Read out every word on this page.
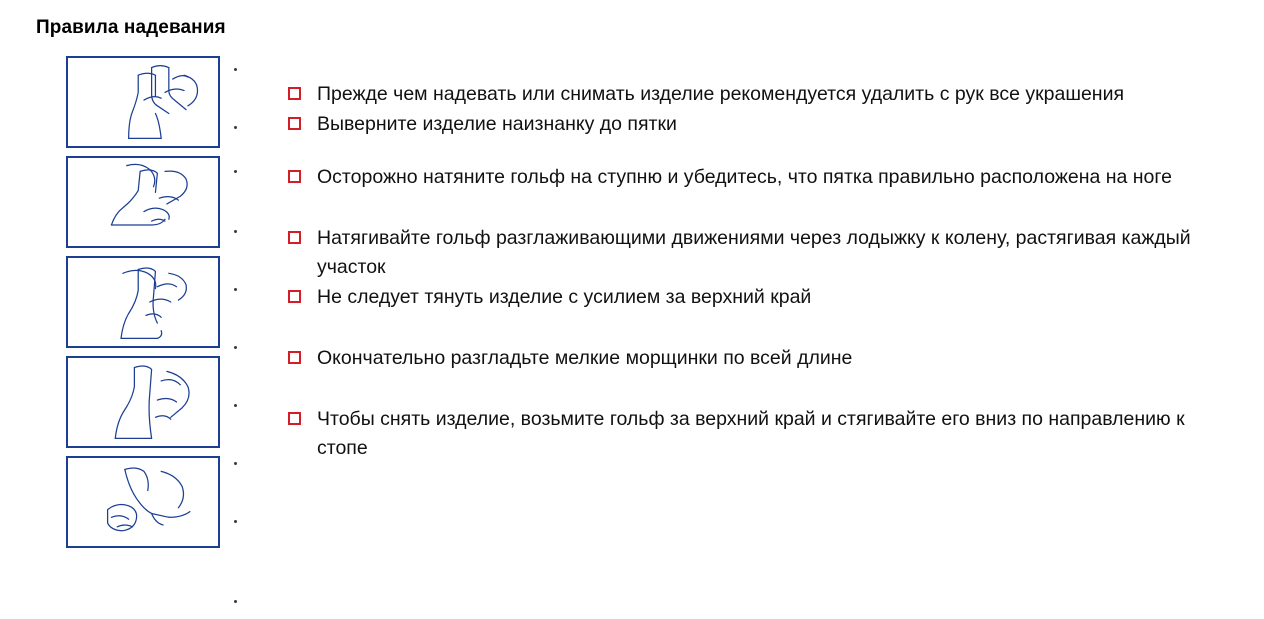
Правила надевания
Прежде чем надевать или снимать изделие рекомендуется удалить с рук все украшения
Выверните изделие наизнанку до пятки
Осторожно натяните гольф на ступню и убедитесь, что пятка правильно расположена на ноге
Натягивайте гольф разглаживающими движениями через лодыжку к колену, растягивая каждый участок
Не следует тянуть изделие с усилием за верхний край
Окончательно разгладьте мелкие морщинки по всей длине
Чтобы снять изделие, возьмите гольф за верхний край и стягивайте его вниз по направлению к стопе
